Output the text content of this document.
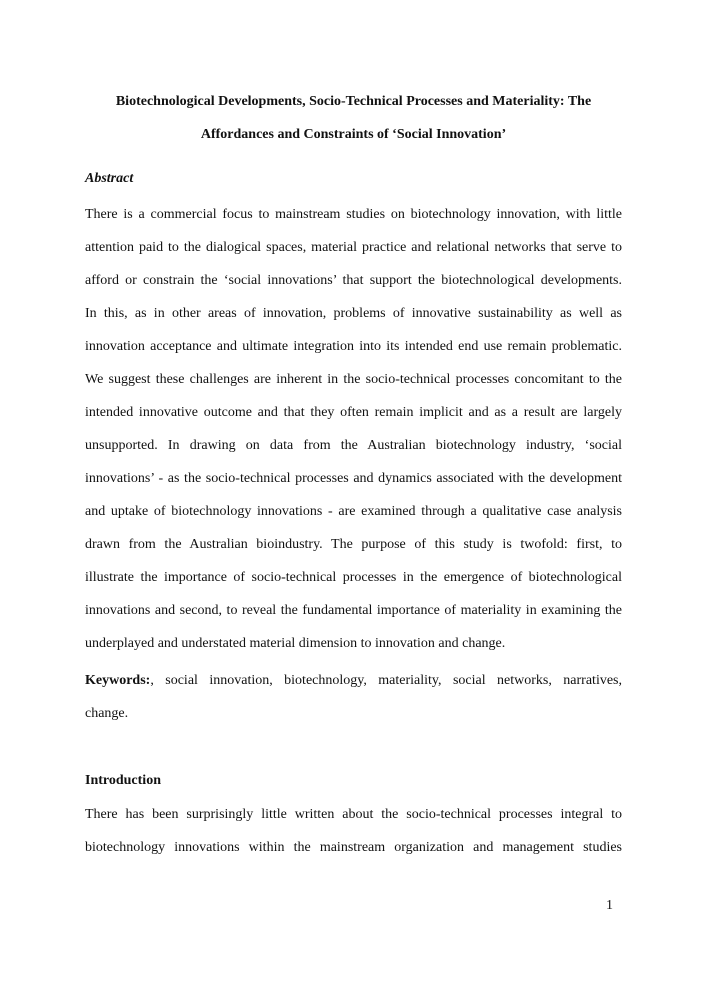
Biotechnological Developments, Socio-Technical Processes and Materiality: The
Affordances and Constraints of ‘Social Innovation’
Abstract
There is a commercial focus to mainstream studies on biotechnology innovation, with little
attention paid to the dialogical spaces, material practice and relational networks that serve to
afford or constrain the ‘social innovations’ that support the biotechnological developments.
In this, as in other areas of innovation, problems of innovative sustainability as well as
innovation acceptance and ultimate integration into its intended end use remain problematic.
We suggest these challenges are inherent in the socio-technical processes concomitant to the
intended innovative outcome and that they often remain implicit and as a result are largely
unsupported. In drawing on data from the Australian biotechnology industry, ‘social
innovations’ - as the socio-technical processes and dynamics associated with the development
and uptake of biotechnology innovations - are examined through a qualitative case analysis
drawn from the Australian bioindustry. The purpose of this study is twofold: first, to
illustrate the importance of socio-technical processes in the emergence of biotechnological
innovations and second, to reveal the fundamental importance of materiality in examining the
underplayed and understated material dimension to innovation and change.
Keywords:, social innovation, biotechnology, materiality, social networks, narratives,
change.
Introduction
There has been surprisingly little written about the socio-technical processes integral to
biotechnology innovations within the mainstream organization and management studies
1
